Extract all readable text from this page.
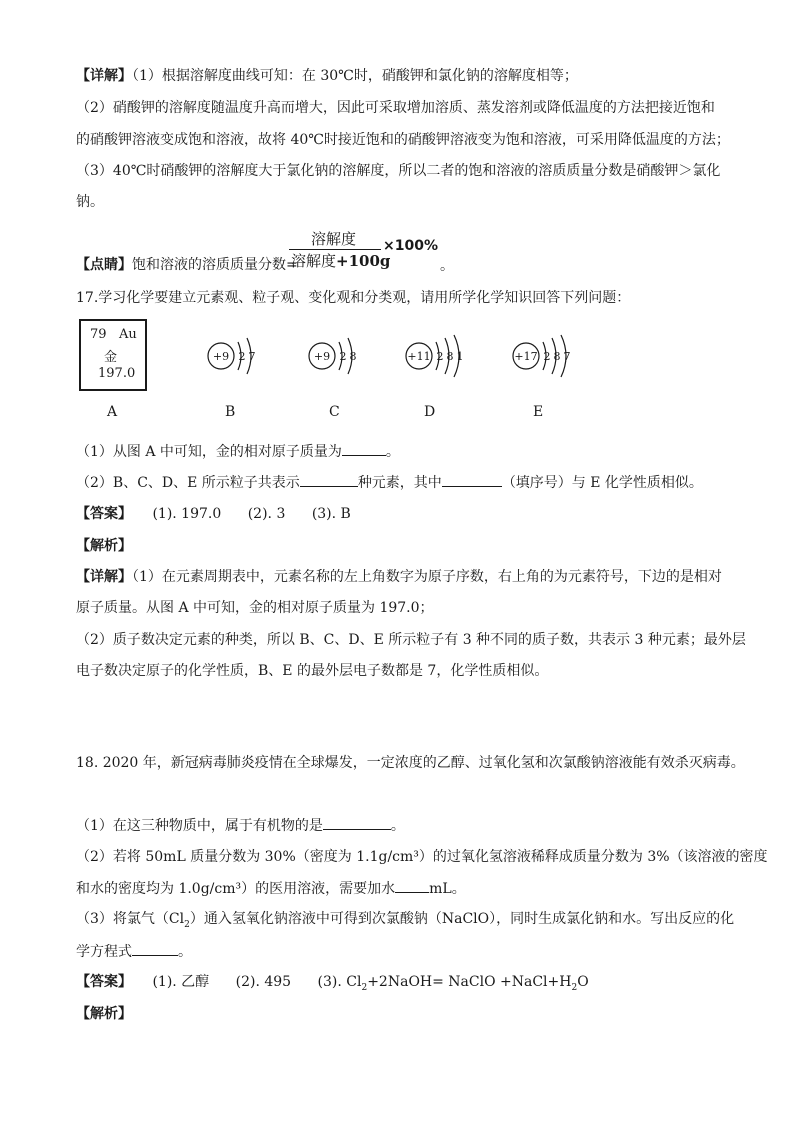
【详解】（1）根据溶解度曲线可知：在 30℃时，硝酸钾和氯化钠的溶解度相等；
（2）硝酸钾的溶解度随温度升高而增大，因此可采取增加溶质、蒸发溶剂或降低温度的方法把接近饱和
的硝酸钾溶液变成饱和溶液，故将 40℃时接近饱和的硝酸钾溶液变为饱和溶液，可采用降低温度的方法；
（3）40℃时硝酸钾的溶解度大于氯化钠的溶解度，所以二者的饱和溶液的溶质质量分数是硝酸钾＞氯化
钠。
【点睛】饱和溶液的溶质质量分数=
溶解度
溶解度+100g
×100%
。
17.学习化学要建立元素观、粒子观、变化观和分类观，请用所学化学知识回答下列问题：
79 Au
金
197.0
+9 2 7	+9 2 8	+11 2 8 1	+17 2 8 7
A	B	C	D	E
（1）从图 A 中可知，金的相对原子质量为	。
（2）B、C、D、E 所示粒子共表示	种元素，其中	（填序号）与 E 化学性质相似。
【答案】 (1). 197.0 (2). 3 (3). B
【解析】
【详解】（1）在元素周期表中，元素名称的左上角数字为原子序数，右上角的为元素符号，下边的是相对
原子质量。从图 A 中可知，金的相对原子质量为 197.0；
（2）质子数决定元素的种类，所以 B、C、D、E 所示粒子有 3 种不同的质子数，共表示 3 种元素；最外层
电子数决定原子的化学性质，B、E 的最外层电子数都是 7，化学性质相似。
18. 2020 年，新冠病毒肺炎疫情在全球爆发，一定浓度的乙醇、过氧化氢和次氯酸钠溶液能有效杀灭病毒。
（1）在这三种物质中，属于有机物的是	。
（2）若将 50mL 质量分数为 30%（密度为 1.1g/cm³）的过氧化氢溶液稀释成质量分数为 3%（该溶液的密度
和水的密度均为 1.0g/cm³）的医用溶液，需要加水 mL。
（3）将氯气$(Cl_2)$通入氢氧化钠溶液中可得到次氯酸钠（NaClO），同时生成氯化钠和水。写出反应的化
学方程式	。
【答案】 (1). 乙醇 (2). 495 (3). $Cl_2+2NaOH=$ NaClO $+NaCl+H_2O$
【解析】
